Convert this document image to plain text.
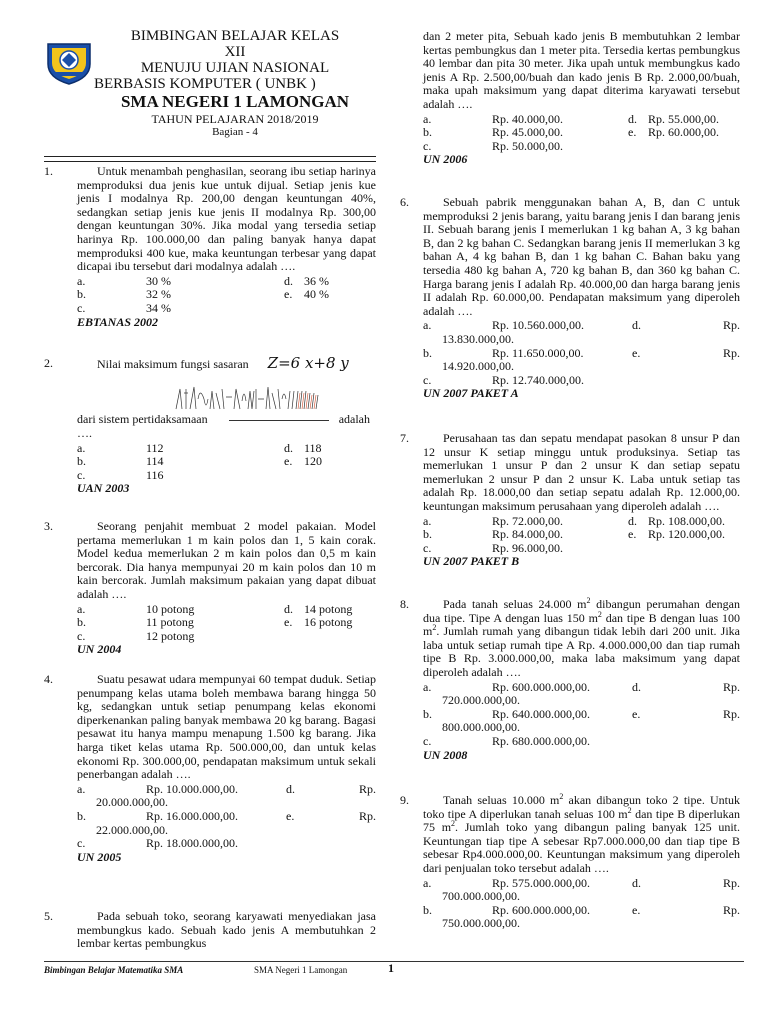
BIMBINGAN BELAJAR KELAS
XII
MENUJU UJIAN NASIONAL
BERBASIS KOMPUTER ( UNBK )
SMA NEGERI 1 LAMONGAN
TAHUN PELAJARAN 2018/2019
Bagian - 4
1.	Untuk menambah penghasilan, seorang ibu setiap harinya memproduksi dua jenis kue untuk dijual. Setiap jenis kue jenis I modalnya Rp. 200,00 dengan keuntungan 40%, sedangkan setiap jenis kue jenis II modalnya Rp. 300,00 dengan keuntungan 30%. Jika modal yang tersedia setiap harinya Rp. 100.000,00 dan paling banyak hanya dapat memproduksi 400 kue, maka keuntungan terbesar yang dapat dicapai ibu tersebut dari modalnya adalah ….
a.	30 %	d. 36 %
b.	32 %	e. 40 %
c.	34 %
EBTANAS 2002
2.	Nilai maksimum fungsi sasaran Z=6 x+8 y
dari sistem pertidaksamaan	adalah
….
a.	112	d. 118
b.	114	e. 120
c.	116
UAN 2003
3.	Seorang penjahit membuat 2 model pakaian. Model pertama memerlukan 1 m kain polos dan 1, 5 kain corak. Model kedua memerlukan 2 m kain polos dan 0,5 m kain bercorak. Dia hanya mempunyai 20 m kain polos dan 10 m kain bercorak. Jumlah maksimum pakaian yang dapat dibuat adalah ….
a.	10 potong	d. 14 potong
b.	11 potong	e. 16 potong
c.	12 potong
UN 2004
4.	Suatu pesawat udara mempunyai 60 tempat duduk. Setiap penumpang kelas utama boleh membawa barang hingga 50 kg, sedangkan untuk setiap penumpang kelas ekonomi diperkenankan paling banyak membawa 20 kg barang. Bagasi pesawat itu hanya mampu menapung 1.500 kg barang. Jika harga tiket kelas utama Rp. 500.000,00, dan untuk kelas ekonomi Rp. 300.000,00, pendapatan maksimum untuk sekali penerbangan adalah ….
a.	Rp. 10.000.000,00.	d.	Rp.
20.000.000,00.
b.	Rp. 16.000.000,00.	e.	Rp.
22.000.000,00.
c.	Rp. 18.000.000,00.
UN 2005
5.	Pada sebuah toko, seorang karyawati menyediakan jasa membungkus kado. Sebuah kado jenis A membutuhkan 2 lembar kertas pembungkus
dan 2 meter pita, Sebuah kado jenis B membutuhkan 2 lembar kertas pembungkus dan 1 meter pita. Tersedia kertas pembungkus 40 lembar dan pita 30 meter. Jika upah untuk membungkus kado jenis A Rp. 2.500,00/buah dan kado jenis B Rp. 2.000,00/buah, maka upah maksimum yang dapat diterima karyawati tersebut adalah ….
a.	Rp. 40.000,00.	d. Rp. 55.000,00.
b.	Rp. 45.000,00.	e. Rp. 60.000,00.
c.	Rp. 50.000,00.
UN 2006
6.	Sebuah pabrik menggunakan bahan A, B, dan C untuk memproduksi 2 jenis barang, yaitu barang jenis I dan barang jenis II. Sebuah barang jenis I memerlukan 1 kg bahan A, 3 kg bahan B, dan 2 kg bahan C. Sedangkan barang jenis II memerlukan 3 kg bahan A, 4 kg bahan B, dan 1 kg bahan C. Bahan baku yang tersedia 480 kg bahan A, 720 kg bahan B, dan 360 kg bahan C. Harga barang jenis I adalah Rp. 40.000,00 dan harga barang jenis II adalah Rp. 60.000,00. Pendapatan maksimum yang diperoleh adalah ….
a.	Rp. 10.560.000,00.	d.	Rp.
13.830.000,00.
b.	Rp. 11.650.000,00.	e.	Rp.
14.920.000,00.
c.	Rp. 12.740.000,00.
UN 2007 PAKET A
7.	Perusahaan tas dan sepatu mendapat pasokan 8 unsur P dan 12 unsur K setiap minggu untuk produksinya. Setiap tas memerlukan 1 unsur P dan 2 unsur K dan setiap sepatu memerlukan 2 unsur P dan 2 unsur K. Laba untuk setiap tas adalah Rp. 18.000,00 dan setiap sepatu adalah Rp. 12.000,00. keuntungan maksimum perusahaan yang diperoleh adalah ….
a.	Rp. 72.000,00.	d. Rp. 108.000,00.
b.	Rp. 84.000,00.	e. Rp. 120.000,00.
c.	Rp. 96.000,00.
UN 2007 PAKET B
8.	Pada tanah seluas 24.000 $m^2$ dibangun perumahan dengan dua tipe. Tipe A dengan luas 150 $m^2$ dan tipe B dengan luas 100 $m^2$. Jumlah rumah yang dibangun tidak lebih dari 200 unit. Jika laba untuk setiap rumah tipe A Rp. 4.000.000,00 dan tiap rumah tipe B Rp. 3.000.000,00, maka laba maksimum yang dapat diperoleh adalah ….
a.	Rp. 600.000.000,00.	d.	Rp.
720.000.000,00.
b.	Rp. 640.000.000,00.	e.	Rp.
800.000.000,00.
c.	Rp. 680.000.000,00.
UN 2008
9.	Tanah seluas 10.000 $m^2$ akan dibangun toko 2 tipe. Untuk toko tipe A diperlukan tanah seluas 100 $m^2$ dan tipe B diperlukan 75 $m^2$. Jumlah toko yang dibangun paling banyak 125 unit. Keuntungan tiap tipe A sebesar Rp7.000.000,00 dan tiap tipe B sebesar Rp4.000.000,00. Keuntungan maksimum yang diperoleh dari penjualan toko tersebut adalah ….
a.	Rp. 575.000.000,00.	d.	Rp.
700.000.000,00.
b.	Rp. 600.000.000,00.	e.	Rp.
750.000.000,00.
Bimbingan Belajar Matematika SMA	SMA Negeri 1 Lamongan	1
